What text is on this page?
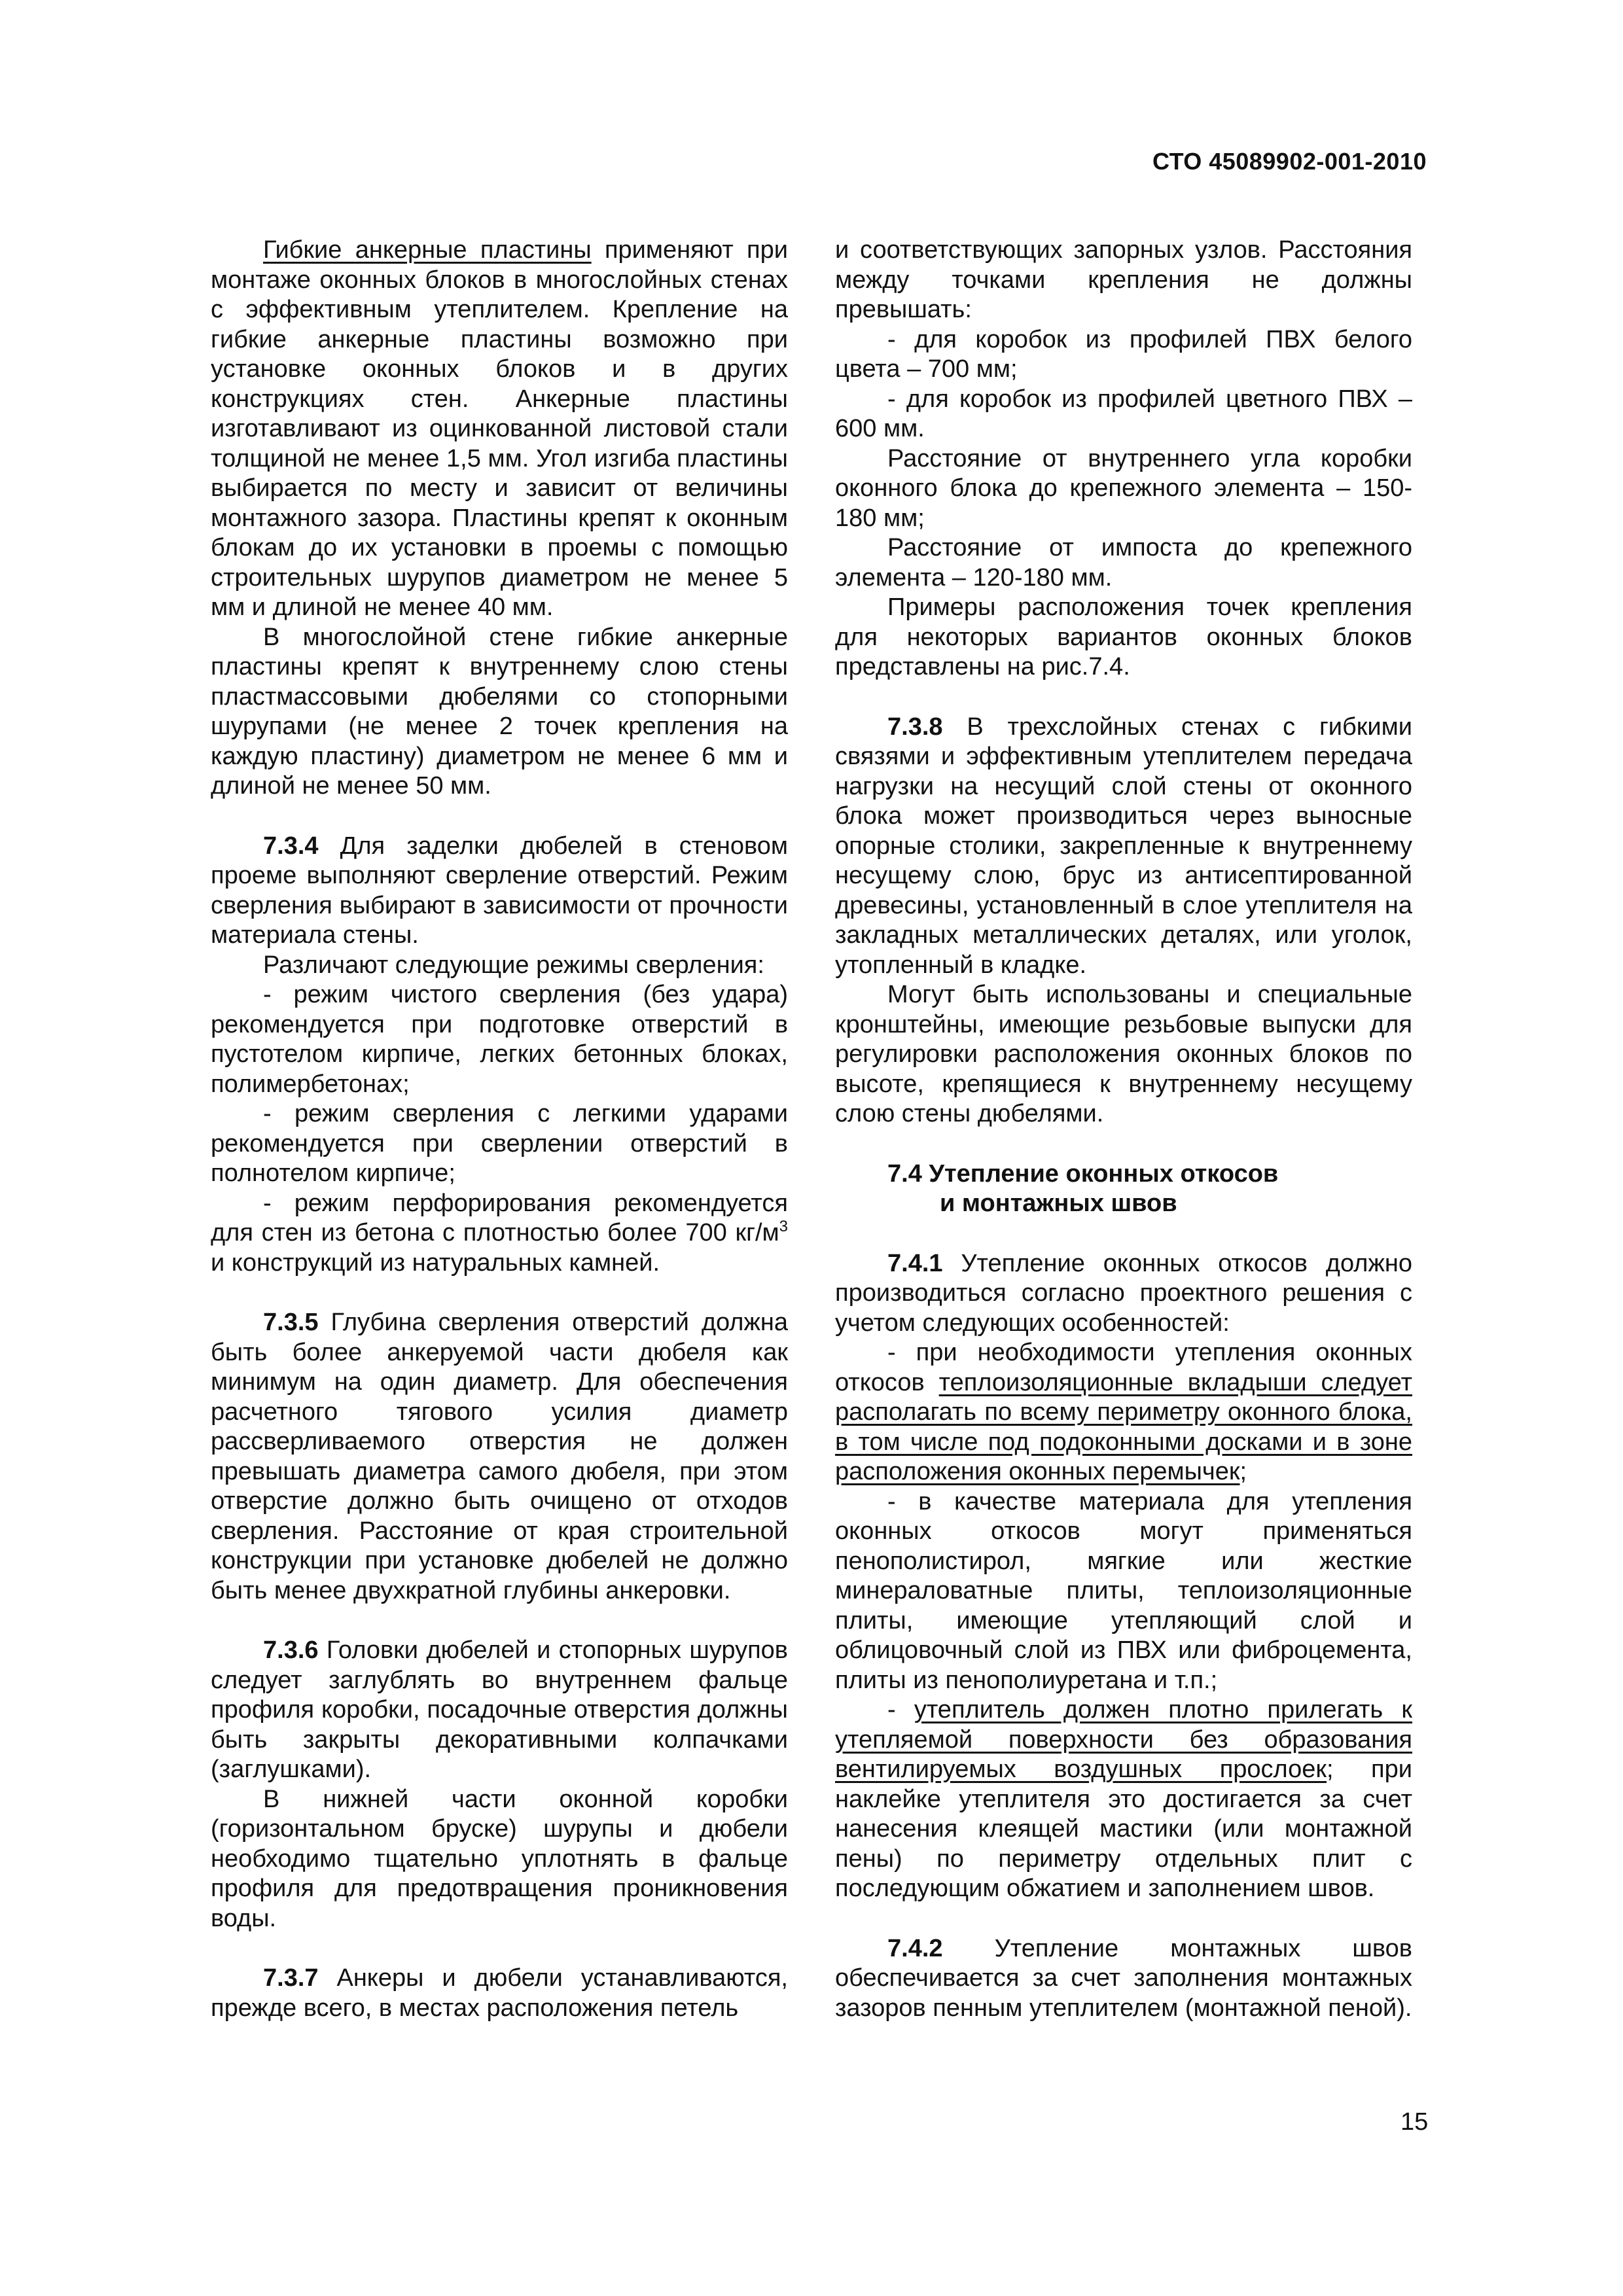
СТО 45089902-001-2010

Гибкие анкерные пластины применяют при монтаже оконных блоков в многослойных стенах с эффективным утеплителем. Крепление на гибкие анкерные пластины возможно при установке оконных блоков и в других конструкциях стен. Анкерные пластины изготавливают из оцинкованной листовой стали толщиной не менее 1,5 мм. Угол изгиба пластины выбирается по месту и зависит от величины монтажного зазора. Пластины крепят к оконным блокам до их установки в проемы с помощью строительных шурупов диаметром не менее 5 мм и длиной не менее 40 мм.

В многослойной стене гибкие анкерные пластины крепят к внутреннему слою стены пластмассовыми дюбелями со стопорными шурупами (не менее 2 точек крепления на каждую пластину) диаметром не менее 6 мм и длиной не менее 50 мм.

7.3.4 Для заделки дюбелей в стеновом проеме выполняют сверление отверстий. Режим сверления выбирают в зависимости от прочности материала стены.

Различают следующие режимы сверления:

- режим чистого сверления (без удара) рекомендуется при подготовке отверстий в пустотелом кирпиче, легких бетонных блоках, полимербетонах;

- режим сверления с легкими ударами рекомендуется при сверлении отверстий в полнотелом кирпиче;

- режим перфорирования рекомендуется для стен из бетона с плотностью более 700 $кг/м^3$ и конструкций из натуральных камней.

7.3.5 Глубина сверления отверстий должна быть более анкеруемой части дюбеля как минимум на один диаметр. Для обеспечения расчетного тягового усилия диаметр рассверливаемого отверстия не должен превышать диаметра самого дюбеля, при этом отверстие должно быть очищено от отходов сверления. Расстояние от края строительной конструкции при установке дюбелей не должно быть менее двухкратной глубины анкеровки.

7.3.6 Головки дюбелей и стопорных шурупов следует заглублять во внутреннем фальце профиля коробки, посадочные отверстия должны быть закрыты декоративными колпачками (заглушками).

В нижней части оконной коробки (горизонтальном бруске) шурупы и дюбели необходимо тщательно уплотнять в фальце профиля для предотвращения проникновения воды.

7.3.7 Анкеры и дюбели устанавливаются, прежде всего, в местах расположения петель

и соответствующих запорных узлов. Расстояния между точками крепления не должны превышать:

- для коробок из профилей ПВХ белого цвета – 700 мм;

- для коробок из профилей цветного ПВХ – 600 мм.

Расстояние от внутреннего угла коробки оконного блока до крепежного элемента – 150-180 мм;

Расстояние от импоста до крепежного элемента – 120-180 мм.

Примеры расположения точек крепления для некоторых вариантов оконных блоков представлены на рис.7.4.

7.3.8 В трехслойных стенах с гибкими связями и эффективным утеплителем передача нагрузки на несущий слой стены от оконного блока может производиться через выносные опорные столики, закрепленные к внутреннему несущему слою, брус из антисептированной древесины, установленный в слое утеплителя на закладных металлических деталях, или уголок, утопленный в кладке.

Могут быть использованы и специальные кронштейны, имеющие резьбовые выпуски для регулировки расположения оконных блоков по высоте, крепящиеся к внутреннему несущему слою стены дюбелями.

7.4 Утепление оконных откосов
и монтажных швов

7.4.1 Утепление оконных откосов должно производиться согласно проектного решения с учетом следующих особенностей:

- при необходимости утепления оконных откосов теплоизоляционные вкладыши следует располагать по всему периметру оконного блока, в том числе под подоконными досками и в зоне расположения оконных перемычек;

- в качестве материала для утепления оконных откосов могут применяться пенополистирол, мягкие или жесткие минераловатные плиты, теплоизоляционные плиты, имеющие утепляющий слой и облицовочный слой из ПВХ или фиброцемента, плиты из пенополиуретана и т.п.;

- утеплитель должен плотно прилегать к утепляемой поверхности без образования вентилируемых воздушных прослоек; при наклейке утеплителя это достигается за счет нанесения клеящей мастики (или монтажной пены) по периметру отдельных плит с последующим обжатием и заполнением швов.

7.4.2 Утепление монтажных швов обеспечивается за счет заполнения монтажных зазоров пенным утеплителем (монтажной пеной).

15
